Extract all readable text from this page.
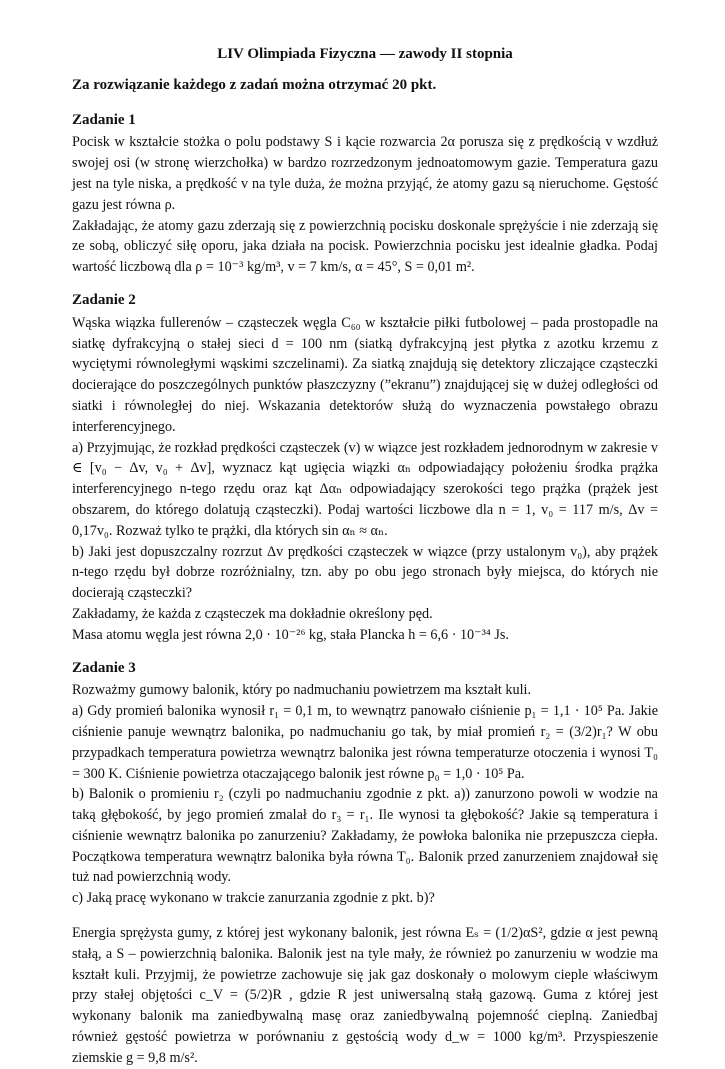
LIV Olimpiada Fizyczna — zawody II stopnia
Za rozwiązanie każdego z zadań można otrzymać 20 pkt.
Zadanie 1

Pocisk w kształcie stożka o polu podstawy S i kącie rozwarcia 2α porusza się z prędkością v wzdłuż swojej osi (w stronę wierzchołka) w bardzo rozrzedzonym jednoatomowym gazie. Temperatura gazu jest na tyle niska, a prędkość v na tyle duża, że można przyjąć, że atomy gazu są nieruchome. Gęstość gazu jest równa ρ.

Zakładając, że atomy gazu zderzają się z powierzchnią pocisku doskonale sprężyście i nie zderzają się ze sobą, obliczyć siłę oporu, jaka działa na pocisk. Powierzchnia pocisku jest idealnie gładka. Podaj wartość liczbową dla ρ = 10⁻³ kg/m³, v = 7 km/s, α = 45°, S = 0,01 m².

Zadanie 2

Wąska wiązka fullerenów – cząsteczek węgla C₆₀ w kształcie piłki futbolowej – pada prostopadle na siatkę dyfrakcyjną o stałej sieci d = 100 nm (siatką dyfrakcyjną jest płytka z azotku krzemu z wyciętymi równoległymi wąskimi szczelinami). Za siatką znajdują się detektory zliczające cząsteczki docierające do poszczególnych punktów płaszczyzny (”ekranu”) znajdującej się w dużej odległości od siatki i równoległej do niej. Wskazania detektorów służą do wyznaczenia powstałego obrazu interferencyjnego.

a) Przyjmując, że rozkład prędkości cząsteczek (v) w wiązce jest rozkładem jednorodnym w zakresie v ∈ [v₀ − Δv, v₀ + Δv], wyznacz kąt ugięcia wiązki αₙ odpowiadający położeniu środka prążka interferencyjnego n-tego rzędu oraz kąt Δαₙ odpowiadający szerokości tego prążka (prążek jest obszarem, do którego dolatują cząsteczki). Podaj wartości liczbowe dla n = 1, v₀ = 117 m/s, Δv = 0,17v₀. Rozważ tylko te prążki, dla których sin αₙ ≈ αₙ.

b) Jaki jest dopuszczalny rozrzut Δv prędkości cząsteczek w wiązce (przy ustalonym v₀), aby prążek n-tego rzędu był dobrze rozróżnialny, tzn. aby po obu jego stronach były miejsca, do których nie docierają cząsteczki?

Zakładamy, że każda z cząsteczek ma dokładnie określony pęd.

Masa atomu węgla jest równa 2,0 · 10⁻²⁶ kg, stała Plancka h = 6,6 · 10⁻³⁴ Js.

Zadanie 3

Rozważmy gumowy balonik, który po nadmuchaniu powietrzem ma kształt kuli.

a) Gdy promień balonika wynosił r₁ = 0,1 m, to wewnątrz panowało ciśnienie p₁ = 1,1 · 10⁵ Pa. Jakie ciśnienie panuje wewnątrz balonika, po nadmuchaniu go tak, by miał promień r₂ = (3/2)r₁? W obu przypadkach temperatura powietrza wewnątrz balonika jest równa temperaturze otoczenia i wynosi T₀ = 300 K. Ciśnienie powietrza otaczającego balonik jest równe p₀ = 1,0 · 10⁵ Pa.

b) Balonik o promieniu r₂ (czyli po nadmuchaniu zgodnie z pkt. a)) zanurzono powoli w wodzie na taką głębokość, by jego promień zmalał do r₃ = r₁. Ile wynosi ta głębokość? Jakie są temperatura i ciśnienie wewnątrz balonika po zanurzeniu? Zakładamy, że powłoka balonika nie przepuszcza ciepła. Początkowa temperatura wewnątrz balonika była równa T₀. Balonik przed zanurzeniem znajdował się tuż nad powierzchnią wody.

c) Jaką pracę wykonano w trakcie zanurzania zgodnie z pkt. b)?

Energia sprężysta gumy, z której jest wykonany balonik, jest równa Eₛ = (1/2)αS², gdzie α jest pewną stałą, a S – powierzchnią balonika. Balonik jest na tyle mały, że również po zanurzeniu w wodzie ma kształt kuli. Przyjmij, że powietrze zachowuje się jak gaz doskonały o molowym cieple właściwym przy stałej objętości c_V = (5/2)R , gdzie R jest uniwersalną stałą gazową. Guma z której jest wykonany balonik ma zaniedbywalną masę oraz zaniedbywalną pojemność cieplną. Zaniedbaj również gęstość powietrza w porównaniu z gęstością wody d_w = 1000 kg/m³. Przyspieszenie ziemskie g = 9,8 m/s².
